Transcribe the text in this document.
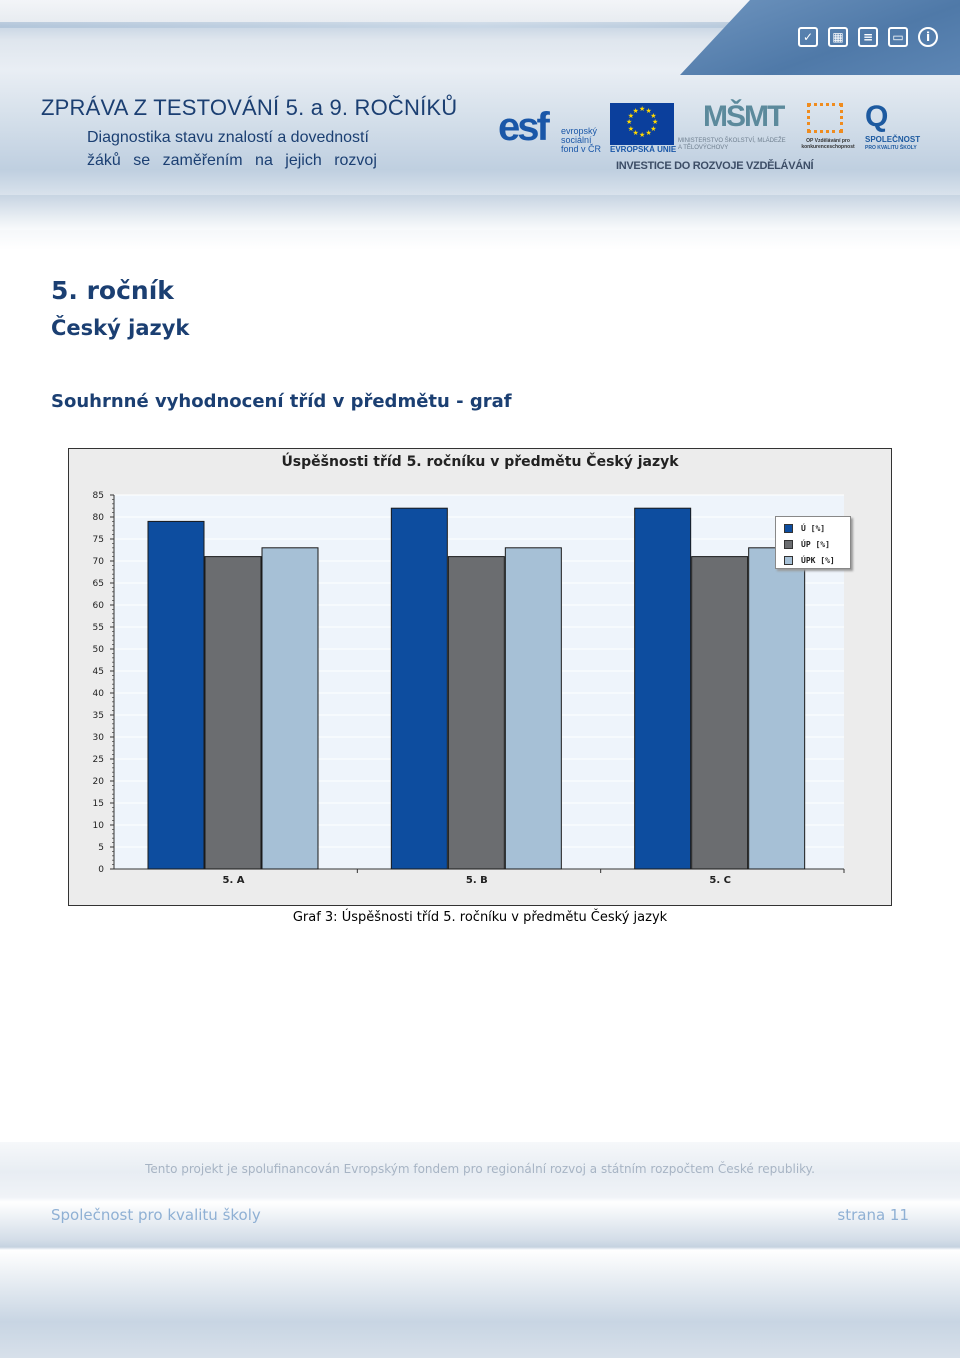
✓	▦	≡	▭	i
ZPRÁVA Z TESTOVÁNÍ 5. a 9. ROČNÍKŮ
Diagnostika stavu znalostí a dovedností
žáků se zaměřením na jejich rozvoj
esf evropský sociální fond v ČR
★
★
★
★
★
★
★
★
★ ★ ★
★
EVROPSKÁ UNIE
MŠMT
MINISTERSTVO ŠKOLSTVÍ, MLÁDEŽE A TĚLOVÝCHOVY
OP Vzdělávání pro konkurenceschopnost
Q
SPOLEČNOST
PRO KVALITU ŠKOLY
INVESTICE DO ROZVOJE VZDĚLÁVÁNÍ
5. ročník
Český jazyk
Souhrnné vyhodnocení tříd v předmětu - graf
Úspěšnosti tříd 5. ročníku v předmětu Český jazyk
0
5
10
15
20
25
30
35
40
45
50
55
60
65
70
75
80
85
5. A	5. B	5. C
Ú [%]
ÚP [%]
ÚPK [%]
Graf 3: Úspěšnosti tříd 5. ročníku v předmětu Český jazyk
Tento projekt je spolufinancován Evropským fondem pro regionální rozvoj a státním rozpočtem České republiky.
Společnost pro kvalitu školy	strana 11
